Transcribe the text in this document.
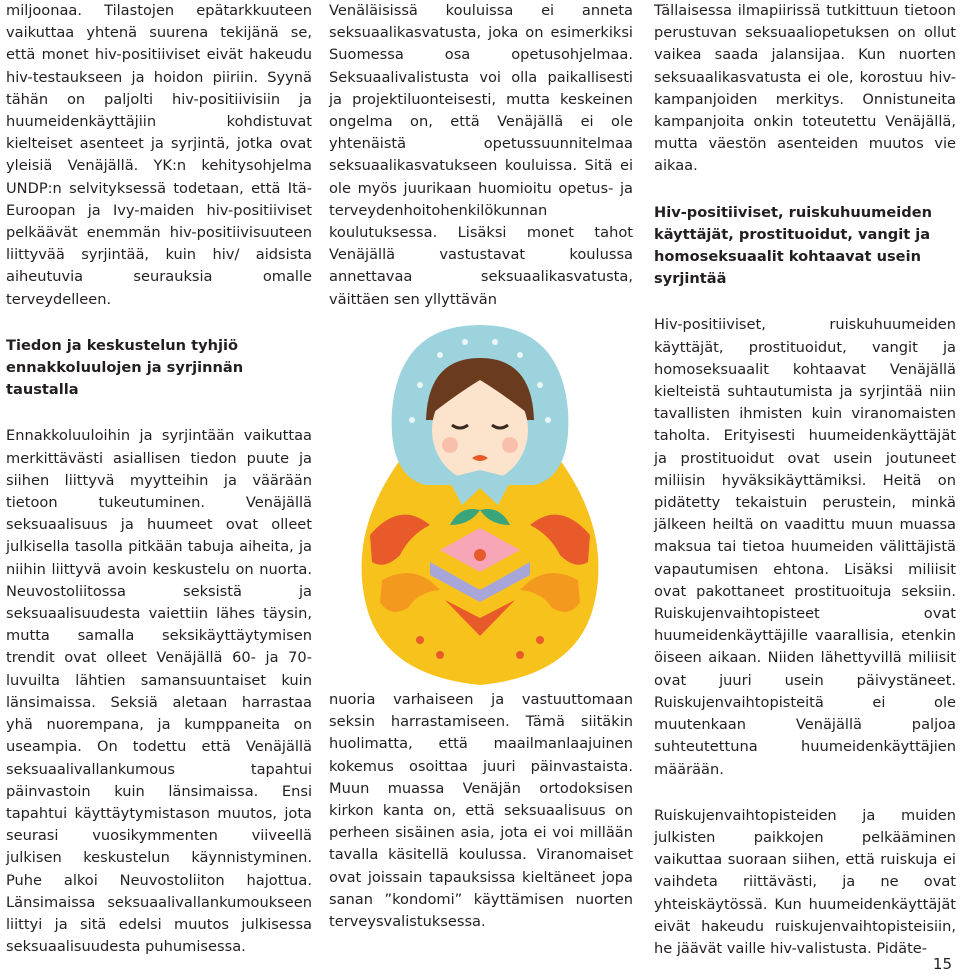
miljoonaa. Tilastojen epätarkkuuteen vaikuttaa yhtenä suurena tekijänä se, että monet hiv-positiiviset eivät hakeudu hiv-testaukseen ja hoidon piiriin. Syynä tähän on paljolti hiv-positiivisiin ja huumeidenkäyttäjiin kohdistuvat kielteiset asenteet ja syrjintä, jotka ovat yleisiä Venäjällä. YK:n kehitysohjelma UNDP:n selvityksessä todetaan, että Itä-Euroopan ja Ivy-maiden hiv-positiiviset pelkäävät enemmän hiv-positiivisuuteen liittyvää syrjintää, kuin hiv/ aidsista aiheutuvia seurauksia omalle terveydelleen.

Tiedon ja keskustelun tyhjiö ennakkoluulojen ja syrjinnän taustalla

Ennakkoluuloihin ja syrjintään vaikuttaa merkittävästi asiallisen tiedon puute ja siihen liittyvä myytteihin ja väärään tietoon tukeutuminen. Venäjällä seksuaalisuus ja huumeet ovat olleet julkisella tasolla pitkään tabuja aiheita, ja niihin liittyvä avoin keskustelu on nuorta. Neuvostoliitossa seksistä ja seksuaalisuudesta vaiettiin lähes täysin, mutta samalla seksikäyttäytymisen trendit ovat olleet Venäjällä 60- ja 70-luvuilta lähtien samansuuntaiset kuin länsimaissa. Seksiä aletaan harrastaa yhä nuorempana, ja kumppaneita on useampia. On todettu että Venäjällä seksuaalivallankumous tapahtui päinvastoin kuin länsimaissa. Ensi tapahtui käyttäytymistason muutos, jota seurasi vuosikymmenten viiveellä julkisen keskustelun käynnistyminen. Puhe alkoi Neuvostoliiton hajottua. Länsimaissa seksuaalivallankumoukseen liittyi ja sitä edelsi muutos julkisessa seksuaalisuudesta puhumisessa.

Venäläisissä kouluissa ei anneta seksuaalikasvatusta, joka on esimerkiksi Suomessa osa opetusohjelmaa. Seksuaalivalistusta voi olla paikallisesti ja projektiluonteisesti, mutta keskeinen ongelma on, että Venäjällä ei ole yhtenäistä opetussuunnitelmaa seksuaalikasvatukseen kouluissa. Sitä ei ole myös juurikaan huomioitu opetus- ja terveydenhoitohenkilökunnan koulutuksessa. Lisäksi monet tahot Venäjällä vastustavat koulussa annettavaa seksuaalikasvatusta, väittäen sen yllyttävän

nuoria varhaiseen ja vastuuttomaan seksin harrastamiseen. Tämä siitäkin huolimatta, että maailmanlaajuinen kokemus osoittaa juuri päinvastaista. Muun muassa Venäjän ortodoksisen kirkon kanta on, että seksuaalisuus on perheen sisäinen asia, jota ei voi millään tavalla käsitellä koulussa. Viranomaiset ovat joissain tapauksissa kieltäneet jopa sanan ”kondomi” käyttämisen nuorten terveysvalistuksessa.

Tällaisessa ilmapiirissä tutkittuun tietoon perustuvan seksuaaliopetuksen on ollut vaikea saada jalansijaa. Kun nuorten seksuaalikasvatusta ei ole, korostuu hiv-kampanjoiden merkitys. Onnistuneita kampanjoita onkin toteutettu Venäjällä, mutta väestön asenteiden muutos vie aikaa.

Hiv-positiiviset, ruiskuhuumeiden käyttäjät, prostituoidut, vangit ja homoseksuaalit kohtaavat usein syrjintää

Hiv-positiiviset, ruiskuhuumeiden käyttäjät, prostituoidut, vangit ja homoseksuaalit kohtaavat Venäjällä kielteistä suhtautumista ja syrjintää niin tavallisten ihmisten kuin viranomaisten taholta. Erityisesti huumeidenkäyttäjät ja prostituoidut ovat usein joutuneet miliisin hyväksikäyttämiksi. Heitä on pidätetty tekaistuin perustein, minkä jälkeen heiltä on vaadittu muun muassa maksua tai tietoa huumeiden välittäjistä vapautumisen ehtona. Lisäksi miliisit ovat pakottaneet prostituoituja seksiin. Ruiskujenvaihtopisteet ovat huumeidenkäyttäjille vaarallisia, etenkin öiseen aikaan. Niiden lähettyvillä miliisit ovat juuri usein päivystäneet. Ruiskujenvaihtopisteitä ei ole muutenkaan Venäjällä paljoa suhteutettuna huumeidenkäyttäjien määrään.

Ruiskujenvaihtopisteiden ja muiden julkisten paikkojen pelkääminen vaikuttaa suoraan siihen, että ruiskuja ei vaihdeta riittävästi, ja ne ovat yhteiskäytössä. Kun huumeidenkäyttäjät eivät hakeudu ruiskujenvaihtopisteisiin, he jäävät vaille hiv-valistusta. Pidäte-

15
